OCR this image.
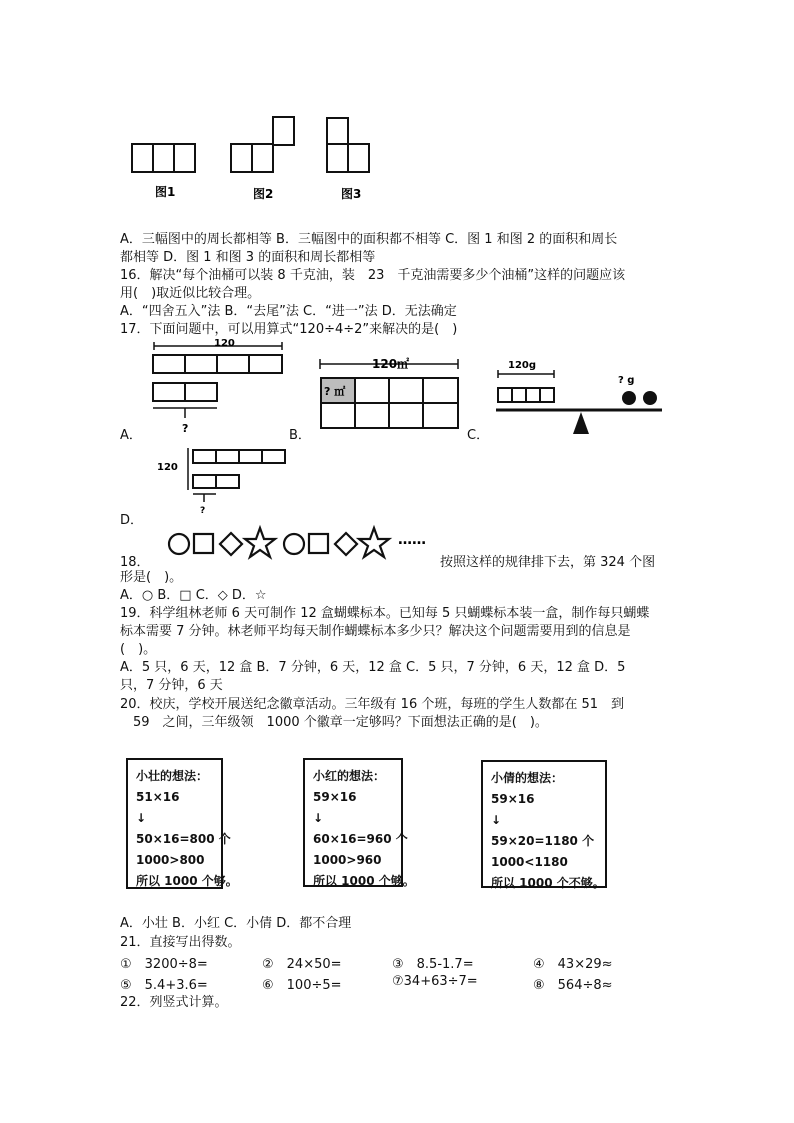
图1	图2	图3
A．三幅图中的周长都相等 B．三幅图中的面积都不相等 C．图 1 和图 2 的面积和周长
都相等 D．图 1 和图 3 的面积和周长都相等
16．解决“每个油桶可以装 8 千克油，装　23　千克油需要多少个油桶”这样的问题应该
用(　)取近似比较合理。
A．“四舍五入”法 B．“去尾”法 C．“进一”法 D．无法确定
17．下面问题中，可以用算式“120÷4÷2”来解决的是(　)
A．
120
?	B．
120㎡
? ㎡
C．
120g
? g
D．
120
?
18．
……
按照这样的规律排下去，第 324 个图
形是(　)。
A．○ B．□ C．◇ D．☆
19．科学组林老师 6 天可制作 12 盒蝴蝶标本。已知每 5 只蝴蝶标本装一盒，制作每只蝴蝶
标本需要 7 分钟。林老师平均每天制作蝴蝶标本多少只？解决这个问题需要用到的信息是
(　)。
A．5 只，6 天，12 盒 B．7 分钟，6 天，12 盒 C．5 只，7 分钟，6 天，12 盒 D．5
只，7 分钟，6 天
20．校庆，学校开展送纪念徽章活动。三年级有 16 个班，每班的学生人数都在 51　到
　59　之间，三年级领　1000 个徽章一定够吗？下面想法正确的是(　)。
小壮的想法：
51×16
↓
50×16=800 个
1000>800
所以 1000 个够。
小红的想法：
59×16
↓
60×16=960 个
1000>960
所以 1000 个够。
小倩的想法：
59×16
↓
59×20=1180 个
1000<1180
所以 1000 个不够。
A．小壮 B．小红 C．小倩 D．都不合理
21．直接写出得数。
①　3200÷8=	②　24×50=	③　8.5-1.7=	④　43×29≈
⑤　5.4+3.6=	⑥　100÷5=	⑦34+63÷7=	⑧　564÷8≈
22．列竖式计算。
